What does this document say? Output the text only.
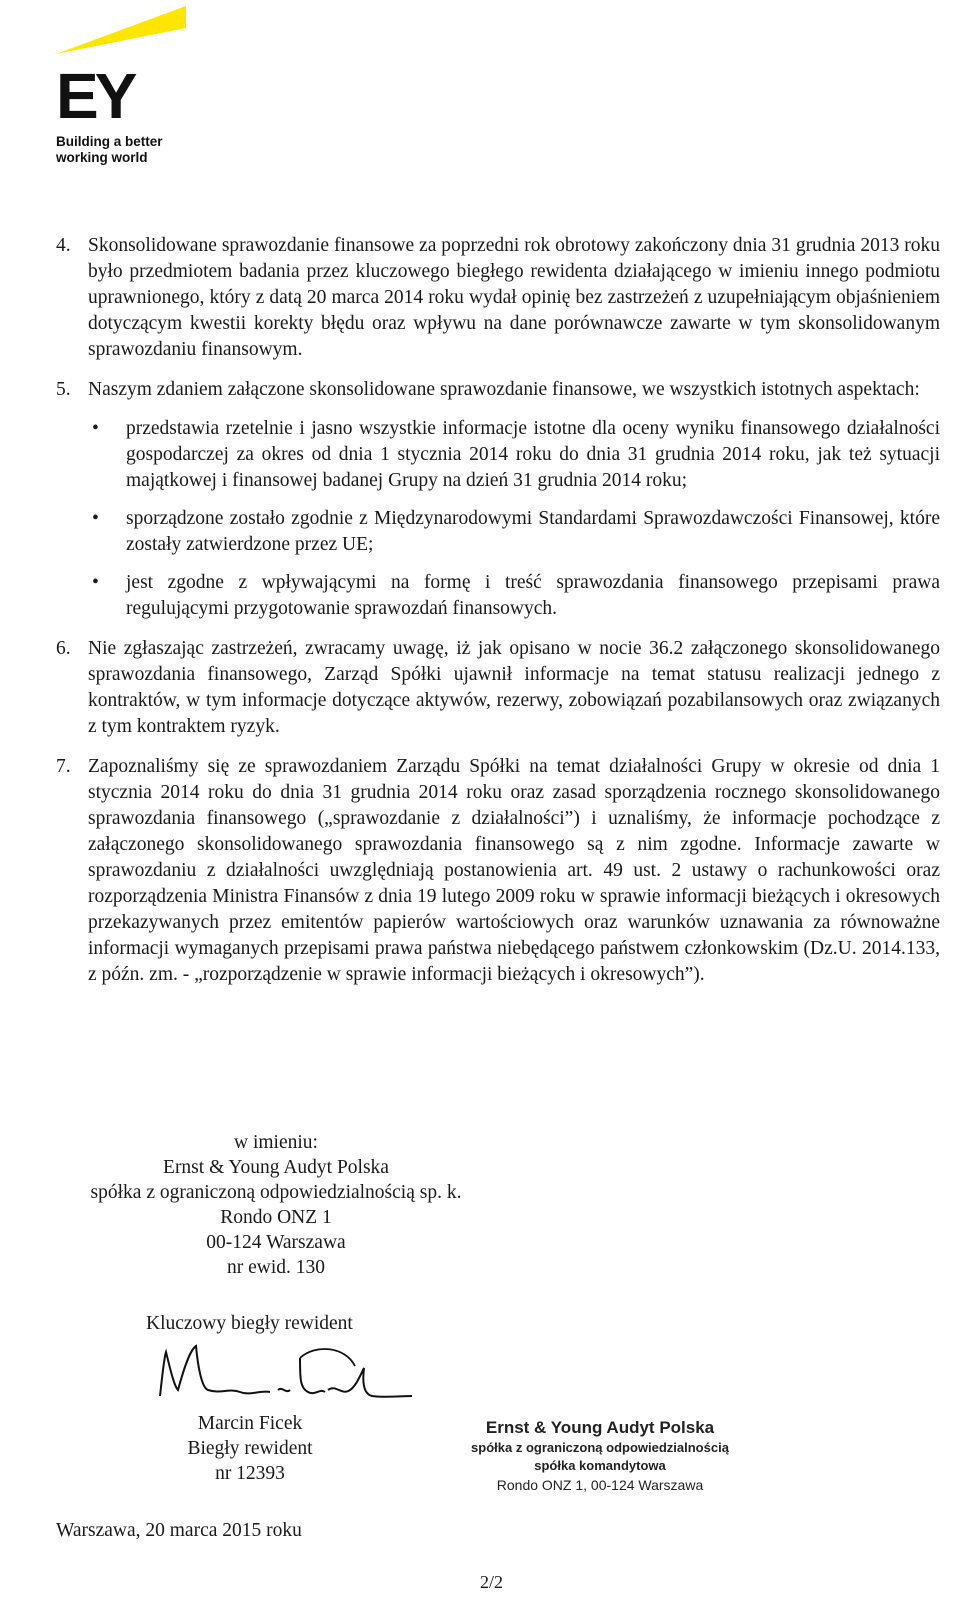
EY
Building a better
working world
4. Skonsolidowane sprawozdanie finansowe za poprzedni rok obrotowy zakończony dnia 31 grudnia 2013 roku było przedmiotem badania przez kluczowego biegłego rewidenta działającego w imieniu innego podmiotu uprawnionego, który z datą 20 marca 2014 roku wydał opinię bez zastrzeżeń z uzupełniającym objaśnieniem dotyczącym kwestii korekty błędu oraz wpływu na dane porównawcze zawarte w tym skonsolidowanym sprawozdaniu finansowym.
5. Naszym zdaniem załączone skonsolidowane sprawozdanie finansowe, we wszystkich istotnych aspektach:
• przedstawia rzetelnie i jasno wszystkie informacje istotne dla oceny wyniku finansowego działalności gospodarczej za okres od dnia 1 stycznia 2014 roku do dnia 31 grudnia 2014 roku, jak też sytuacji majątkowej i finansowej badanej Grupy na dzień 31 grudnia 2014 roku;
• sporządzone zostało zgodnie z Międzynarodowymi Standardami Sprawozdawczości Finansowej, które zostały zatwierdzone przez UE;
• jest zgodne z wpływającymi na formę i treść sprawozdania finansowego przepisami prawa regulującymi przygotowanie sprawozdań finansowych.
6. Nie zgłaszając zastrzeżeń, zwracamy uwagę, iż jak opisano w nocie 36.2 załączonego skonsolidowanego sprawozdania finansowego, Zarząd Spółki ujawnił informacje na temat statusu realizacji jednego z kontraktów, w tym informacje dotyczące aktywów, rezerwy, zobowiązań pozabilansowych oraz związanych z tym kontraktem ryzyk.
7. Zapoznaliśmy się ze sprawozdaniem Zarządu Spółki na temat działalności Grupy w okresie od dnia 1 stycznia 2014 roku do dnia 31 grudnia 2014 roku oraz zasad sporządzenia rocznego skonsolidowanego sprawozdania finansowego („sprawozdanie z działalności”) i uznaliśmy, że informacje pochodzące z załączonego skonsolidowanego sprawozdania finansowego są z nim zgodne. Informacje zawarte w sprawozdaniu z działalności uwzględniają postanowienia art. 49 ust. 2 ustawy o rachunkowości oraz rozporządzenia Ministra Finansów z dnia 19 lutego 2009 roku w sprawie informacji bieżących i okresowych przekazywanych przez emitentów papierów wartościowych oraz warunków uznawania za równoważne informacji wymaganych przepisami prawa państwa niebędącego państwem członkowskim (Dz.U. 2014.133, z późn. zm. - „rozporządzenie w sprawie informacji bieżących i okresowych”).
w imieniu:
Ernst & Young Audyt Polska
spółka z ograniczoną odpowiedzialnością sp. k.
Rondo ONZ 1
00-124 Warszawa
nr ewid. 130
Kluczowy biegły rewident
Marcin Ficek
Biegły rewident
nr 12393
Ernst & Young Audyt Polska
spółka z ograniczoną odpowiedzialnością
spółka komandytowa
Rondo ONZ 1, 00-124 Warszawa
Warszawa, 20 marca 2015 roku
2/2
